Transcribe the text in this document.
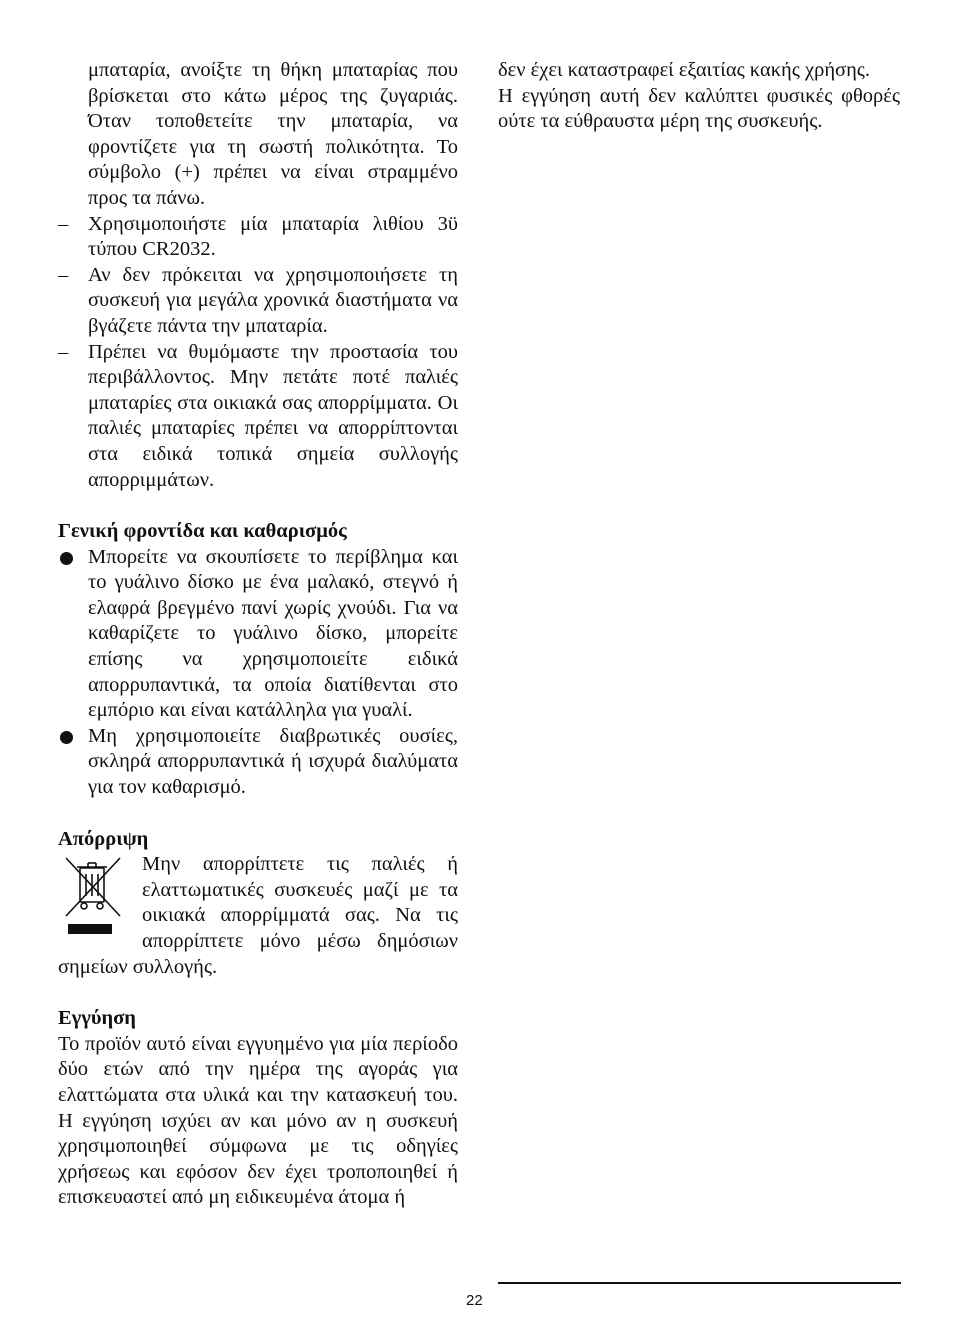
μπαταρία, ανοίξτε τη θήκη μπαταρίας που βρίσκεται στο κάτω μέρος της ζυγαριάς. Όταν τοποθετείτε την μπαταρία, να φροντίζετε για τη σωστή πολικότητα. Το σύμβολο (+) πρέπει να είναι στραμμένο προς τα πάνω.

– Χρησιμοποιήστε μία μπαταρία λιθίου 3ϋ τύπου CR2032.
– Αν δεν πρόκειται να χρησιμοποιήσετε τη συσκευή για μεγάλα χρονικά διαστήματα να βγάζετε πάντα την μπαταρία.
– Πρέπει να θυμόμαστε την προστασία του περιβάλλοντος. Μην πετάτε ποτέ παλιές μπαταρίες στα οικιακά σας απορρίμματα. Οι παλιές μπαταρίες πρέπει να απορρίπτονται στα ειδικά τοπικά σημεία συλλογής απορριμμάτων.
Γενική φροντίδα και καθαρισμός
Μπορείτε να σκουπίσετε το περίβλημα και το γυάλινο δίσκο με ένα μαλακό, στεγνό ή ελαφρά βρεγμένο πανί χωρίς χνούδι. Για να καθαρίζετε το γυάλινο δίσκο, μπορείτε επίσης να χρησιμοποιείτε ειδικά απορρυπαντικά, τα οποία διατίθενται στο εμπόριο και είναι κατάλληλα για γυαλί.
Μη χρησιμοποιείτε διαβρωτικές ουσίες, σκληρά απορρυπαντικά ή ισχυρά διαλύματα για τον καθαρισμό.
Απόρριψη

Μην απορρίπτετε τις παλιές ή ελαττωματικές συσκευές μαζί με τα οικιακά απορρίμματά σας. Να τις απορρίπτετε μόνο μέσω δημόσιων σημείων συλλογής.

Εγγύηση

Το προϊόν αυτό είναι εγγυημένο για μία περίοδο δύο ετών από την ημέρα της αγοράς για ελαττώματα στα υλικά και την κατασκευή του. Η εγγύηση ισχύει αν και μόνο αν η συσκευή χρησιμοποιηθεί σύμφωνα με τις οδηγίες χρήσεως και εφόσον δεν έχει τροποποιηθεί ή επισκευαστεί από μη ειδικευμένα άτομα ή

δεν έχει καταστραφεί εξαιτίας κακής χρήσης.

Η εγγύηση αυτή δεν καλύπτει φυσικές φθορές ούτε τα εύθραυστα μέρη της συσκευής.

22
